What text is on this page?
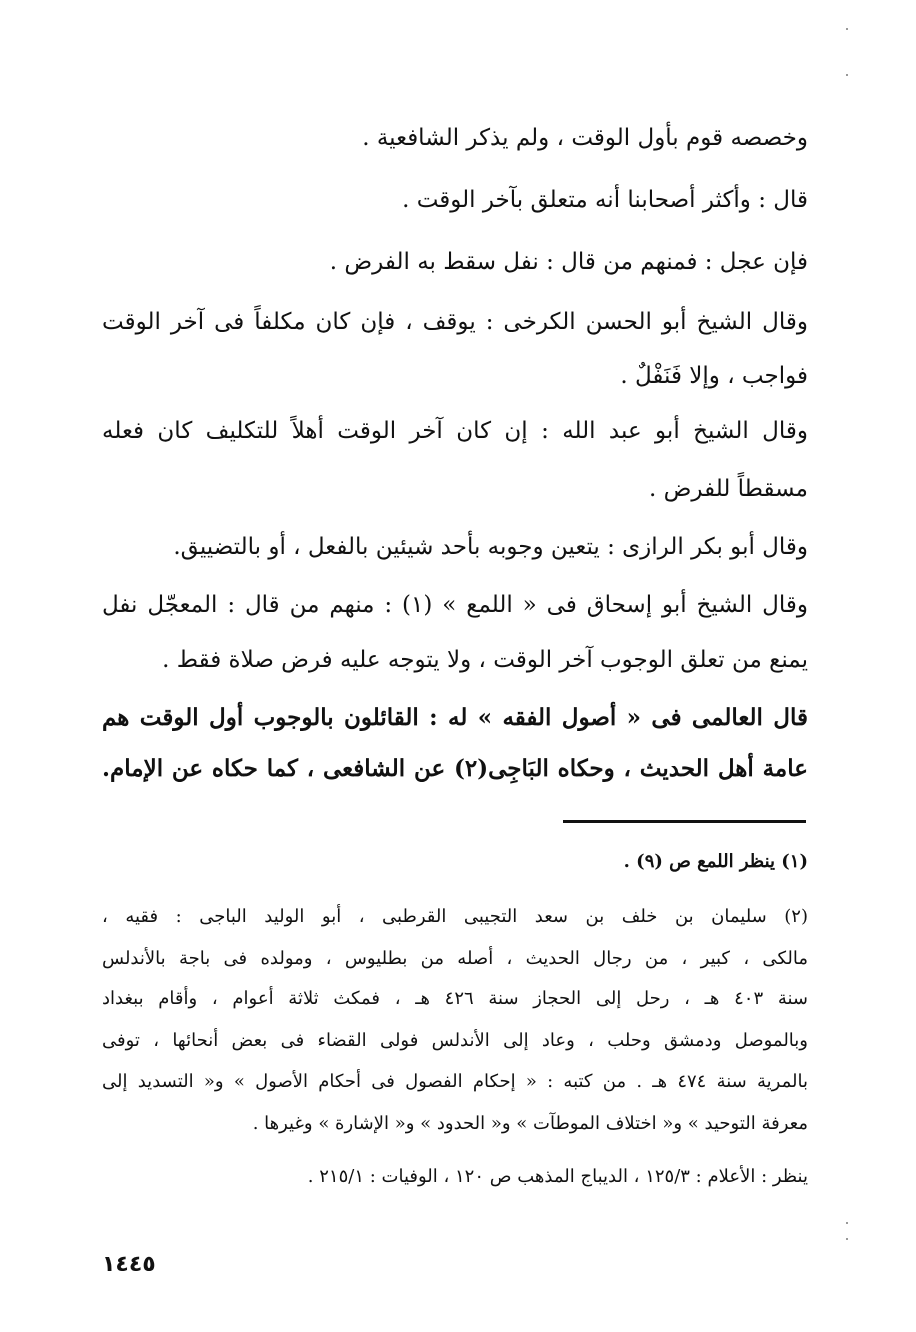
وخصصه قوم بأول الوقت ، ولم يذكر الشافعية .
قال : وأكثر أصحابنا أنه متعلق بآخر الوقت .
فإن عجل : فمنهم من قال : نفل سقط به الفرض .
وقال الشيخ أبو الحسن الكرخى : يوقف ، فإن كان مكلفاً فى آخر الوقت
فواجب ، وإلا فَنَفْلٌ .
وقال الشيخ أبو عبد الله : إن كان آخر الوقت أهلاً للتكليف كان فعله
مسقطاً للفرض .
وقال أبو بكر الرازى : يتعين وجوبه بأحد شيئين بالفعل ، أو بالتضييق.
وقال الشيخ أبو إسحاق فى « اللمع » (١) : منهم من قال : المعجّل نفل
يمنع من تعلق الوجوب آخر الوقت ، ولا يتوجه عليه فرض صلاة فقط .
قال العالمى فى « أصول الفقه » له : القائلون بالوجوب أول الوقت هم
عامة أهل الحديث ، وحكاه البَاجِى(٢) عن الشافعى ، كما حكاه عن الإمام.
(١) ينظر اللمع ص (٩) .
(٢) سليمان بن خلف بن سعد التجيبى القرطبى ، أبو الوليد الباجى : فقيه ،
مالكى ، كبير ، من رجال الحديث ، أصله من بطليوس ، ومولده فى باجة بالأندلس
سنة ٤٠٣ هـ ، رحل إلى الحجاز سنة ٤٢٦ هـ ، فمكث ثلاثة أعوام ، وأقام ببغداد
وبالموصل ودمشق وحلب ، وعاد إلى الأندلس فولى القضاء فى بعض أنحائها ، توفى
بالمرية سنة ٤٧٤ هـ . من كتبه : « إحكام الفصول فى أحكام الأصول » و« التسديد إلى
معرفة التوحيد » و« اختلاف الموطآت » و« الحدود » و« الإشارة » وغيرها .
ينظر : الأعلام : ١٢٥/٣ ، الديباج المذهب ص ١٢٠ ، الوفيات : ٢١٥/١ .
١٤٤٥
